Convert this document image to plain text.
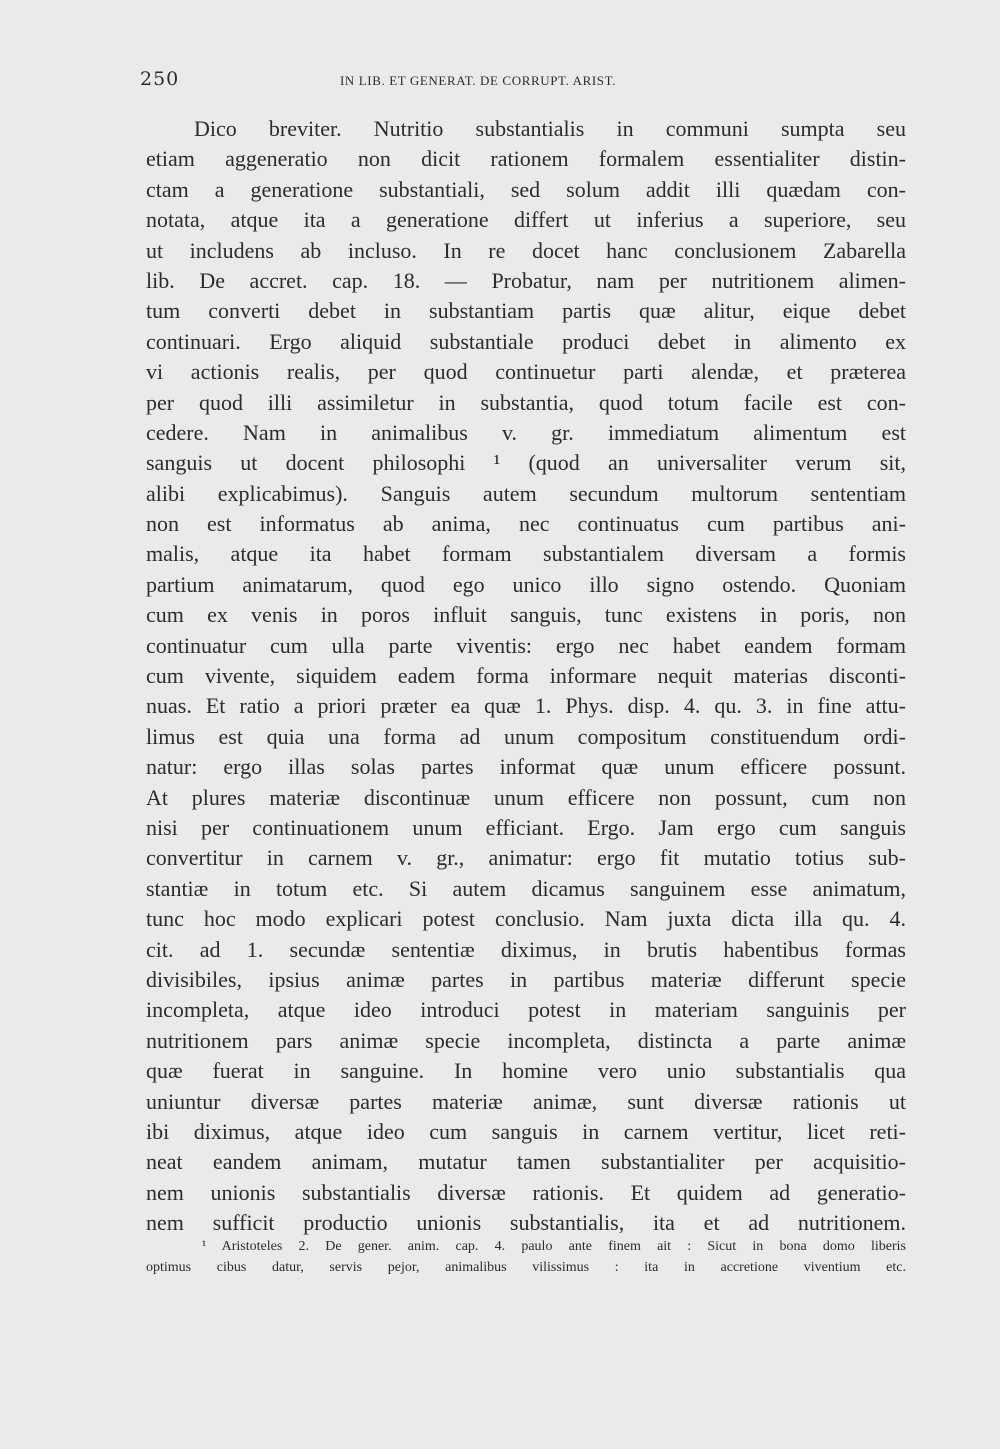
250	IN LIB. ET GENERAT. DE CORRUPT. ARIST.
Dico breviter. Nutritio substantialis in communi sumpta seu
etiam aggeneratio non dicit rationem formalem essentialiter distin-
ctam a generatione substantiali, sed solum addit illi quædam con-
notata, atque ita a generatione differt ut inferius a superiore, seu
ut includens ab incluso. In re docet hanc conclusionem Zabarella
lib. De accret. cap. 18. — Probatur, nam per nutritionem alimen-
tum converti debet in substantiam partis quæ alitur, eique debet
continuari. Ergo aliquid substantiale produci debet in alimento ex
vi actionis realis, per quod continuetur parti alendæ, et præterea
per quod illi assimiletur in substantia, quod totum facile est con-
cedere. Nam in animalibus v. gr. immediatum alimentum est
sanguis ut docent philosophi ¹ (quod an universaliter verum sit,
alibi explicabimus). Sanguis autem secundum multorum sententiam
non est informatus ab anima, nec continuatus cum partibus ani-
malis, atque ita habet formam substantialem diversam a formis
partium animatarum, quod ego unico illo signo ostendo. Quoniam
cum ex venis in poros influit sanguis, tunc existens in poris, non
continuatur cum ulla parte viventis: ergo nec habet eandem formam
cum vivente, siquidem eadem forma informare nequit materias disconti-
nuas. Et ratio a priori præter ea quæ 1. Phys. disp. 4. qu. 3. in fine attu-
limus est quia una forma ad unum compositum constituendum ordi-
natur: ergo illas solas partes informat quæ unum efficere possunt.
At plures materiæ discontinuæ unum efficere non possunt, cum non
nisi per continuationem unum efficiant. Ergo. Jam ergo cum sanguis
convertitur in carnem v. gr., animatur: ergo fit mutatio totius sub-
stantiæ in totum etc. Si autem dicamus sanguinem esse animatum,
tunc hoc modo explicari potest conclusio. Nam juxta dicta illa qu. 4.
cit. ad 1. secundæ sententiæ diximus, in brutis habentibus formas
divisibiles, ipsius animæ partes in partibus materiæ differunt specie
incompleta, atque ideo introduci potest in materiam sanguinis per
nutritionem pars animæ specie incompleta, distincta a parte animæ
quæ fuerat in sanguine. In homine vero unio substantialis qua
uniuntur diversæ partes materiæ animæ, sunt diversæ rationis ut
ibi diximus, atque ideo cum sanguis in carnem vertitur, licet reti-
neat eandem animam, mutatur tamen substantialiter per acquisitio-
nem unionis substantialis diversæ rationis. Et quidem ad generatio-
nem sufficit productio unionis substantialis, ita et ad nutritionem.
¹ Aristoteles 2. De gener. anim. cap. 4. paulo ante finem ait : Sicut in bona domo liberis
optimus cibus datur, servis pejor, animalibus vilissimus : ita in accretione viventium etc.
